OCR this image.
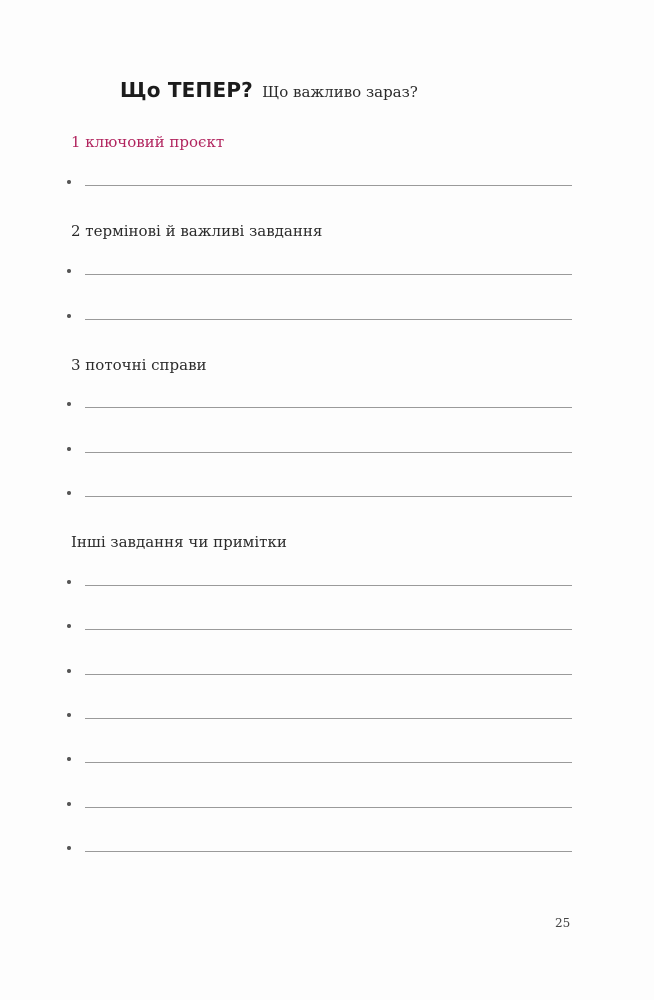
Що ТЕПЕР? Що важливо зараз?
1 ключовий проєкт
2 термінові й важливі завдання
3 поточні справи
Інші завдання чи примітки
25
